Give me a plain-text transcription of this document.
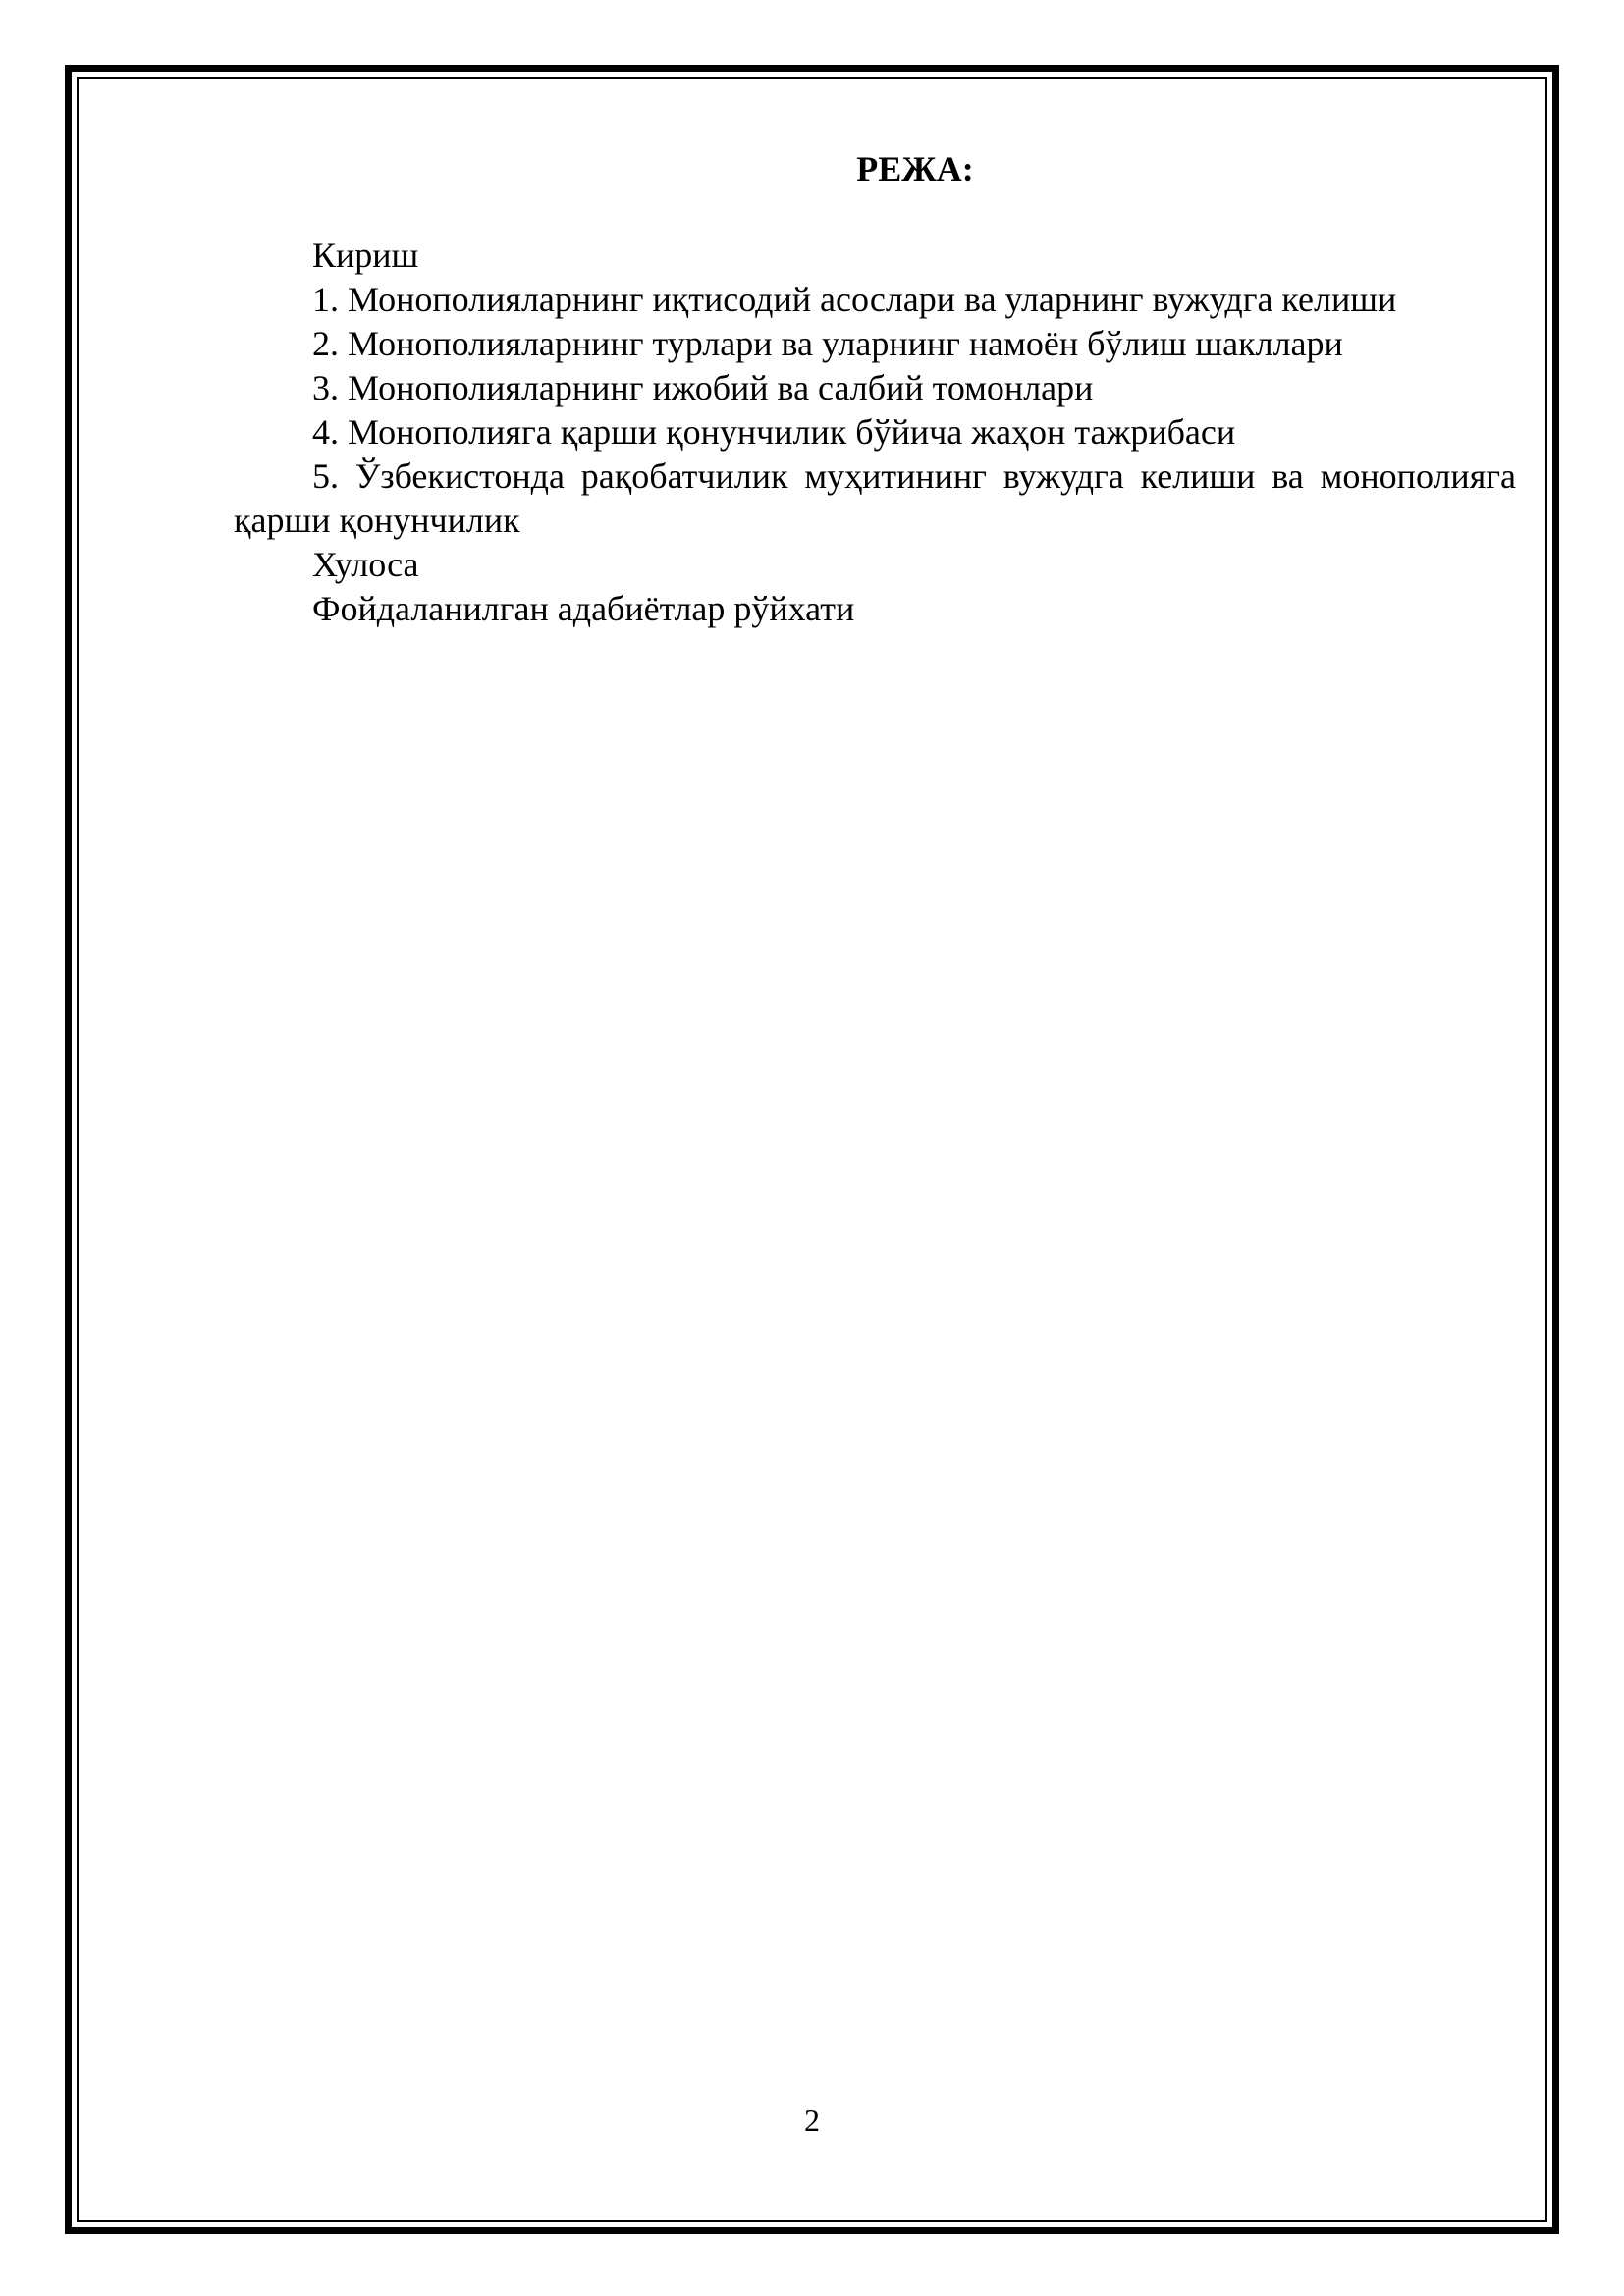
РЕЖА:

Кириш

1. Монополияларнинг иқтисодий асослари ва уларнинг вужудга келиши

2. Монополияларнинг турлари ва уларнинг намоён бўлиш шакллари

3. Монополияларнинг ижобий ва салбий томонлари

4. Монополияга қарши қонунчилик бўйича жаҳон тажрибаси

5. Ўзбекистонда рақобатчилик муҳитининг вужудга келиши ва монополияга қарши қонунчилик

Хулоса

Фойдаланилган адабиётлар рўйхати

2
